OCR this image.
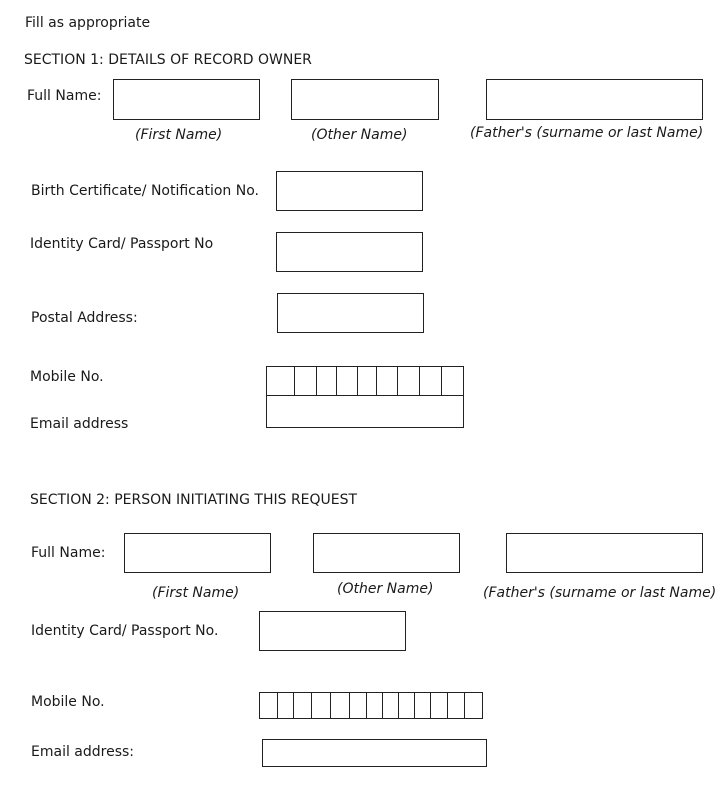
Fill as appropriate
SECTION 1: DETAILS OF RECORD OWNER
Full Name:
(First Name)	(Other Name)	(Father's (surname or last Name)
Birth Certificate/ Notification No.
Identity Card/ Passport No
Postal Address:
Mobile No.
Email address
SECTION 2: PERSON INITIATING THIS REQUEST
Full Name:
(First Name)	(Other Name)	(Father's (surname or last Name)
Identity Card/ Passport No.
Mobile No.
Email address:
